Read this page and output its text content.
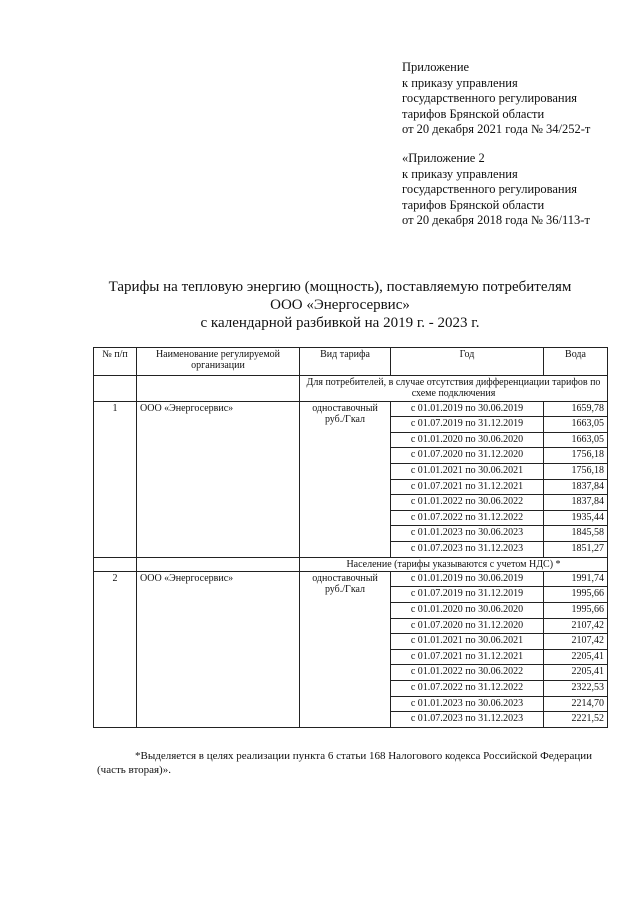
Приложение
к приказу управления
государственного регулирования
тарифов Брянской области
от 20 декабря 2021 года № 34/252-т
«Приложение 2
к приказу управления
государственного регулирования
тарифов Брянской области
от 20 декабря 2018 года № 36/113-т
Тарифы на тепловую энергию (мощность), поставляемую потребителям
ООО «Энергосервис»
с календарной разбивкой на 2019 г. - 2023 г.
№ п/п	Наименование регулируемой организации	Вид тарифа	Год	Вода
		Для потребителей, в случае отсутствия дифференциации тарифов по схеме подключения		
1	ООО «Энергосервис»	одноставочный руб./Гкал	с 01.01.2019 по 30.06.2019	1659,78
			с 01.07.2019 по 31.12.2019	1663,05
			с 01.01.2020 по 30.06.2020	1663,05
			с 01.07.2020 по 31.12.2020	1756,18
			с 01.01.2021 по 30.06.2021	1756,18
			с 01.07.2021 по 31.12.2021	1837,84
			с 01.01.2022 по 30.06.2022	1837,84
			с 01.07.2022 по 31.12.2022	1935,44
			с 01.01.2023 по 30.06.2023	1845,58
			с 01.07.2023 по 31.12.2023	1851,27
		Население (тарифы указываются с учетом НДС) *		
2	ООО «Энергосервис»	одноставочный руб./Гкал	с 01.01.2019 по 30.06.2019	1991,74
			с 01.07.2019 по 31.12.2019	1995,66
			с 01.01.2020 по 30.06.2020	1995,66
			с 01.07.2020 по 31.12.2020	2107,42
			с 01.01.2021 по 30.06.2021	2107,42
			с 01.07.2021 по 31.12.2021	2205,41
			с 01.01.2022 по 30.06.2022	2205,41
			с 01.07.2022 по 31.12.2022	2322,53
			с 01.01.2023 по 30.06.2023	2214,70
			с 01.07.2023 по 31.12.2023	2221,52
*Выделяется в целях реализации пункта 6 статьи 168 Налогового кодекса Российской Федерации
(часть вторая)».
